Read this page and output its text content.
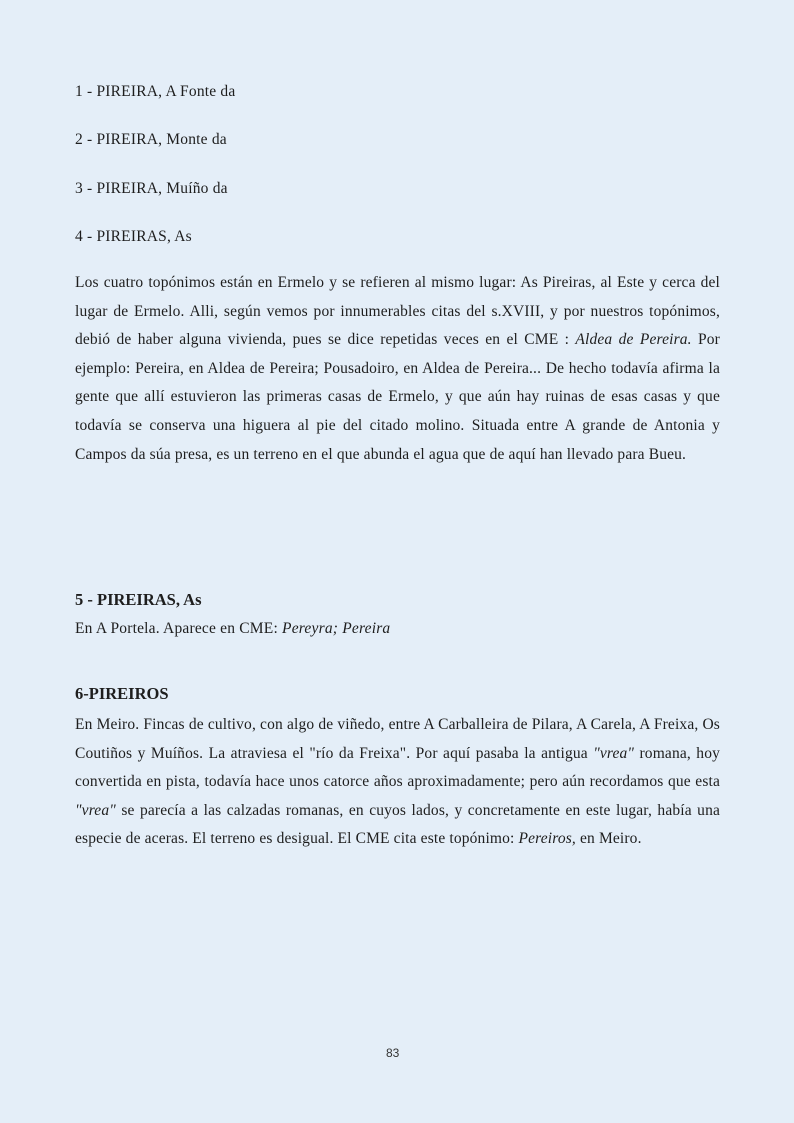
1 - PIREIRA, A Fonte da
2 - PIREIRA, Monte da
3 - PIREIRA, Muíño da
4 - PIREIRAS, As
Los cuatro topónimos están en Ermelo y se refieren al mismo lugar: As Pireiras, al Este y cerca del lugar de Ermelo. Alli, según vemos por innumerables citas del s.XVIII, y por nuestros topónimos, debió de haber alguna vivienda, pues se dice repetidas veces en el CME : Aldea de Pereira. Por ejemplo: Pereira, en Aldea de Pereira; Pousadoiro, en Aldea de Pereira... De hecho todavía afirma la gente que allí estuvieron las primeras casas de Ermelo, y que aún hay ruinas de esas casas y que todavía se conserva una higuera al pie del citado molino. Situada entre A grande de Antonia y Campos da súa presa, es un terreno en el que abunda el agua que de aquí han llevado para Bueu.
5 - PIREIRAS, As
En A Portela. Aparece en CME: Pereyra; Pereira
6-PIREIROS
En Meiro. Fincas de cultivo, con algo de viñedo, entre A Carballeira de Pilara, A Carela, A Freixa, Os Coutiños y Muíños. La atraviesa el "río da Freixa". Por aquí pasaba la antigua "vrea" romana, hoy convertida en pista, todavía hace unos catorce años aproximadamente; pero aún recordamos que esta "vrea" se parecía a las calzadas romanas, en cuyos lados, y concretamente en este lugar, había una especie de aceras. El terreno es desigual. El CME cita este topónimo: Pereiros, en Meiro.
83
